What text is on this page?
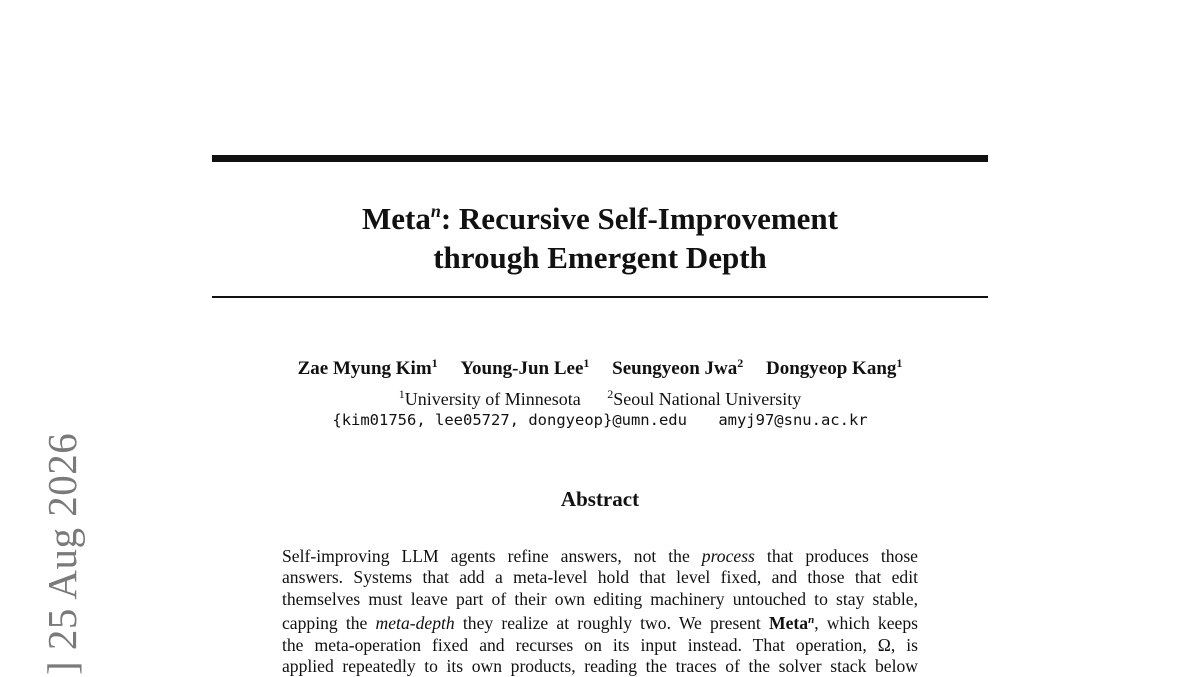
Meta$^n$: Recursive Self-Improvement
through Emergent Depth
Zae Myung Kim$^1$ Young-Jun Lee$^1$ Seungyeon Jwa$^2$ Dongyeop Kang$^1$
$^1$University of Minnesota $^2$Seoul National University
{kim01756, lee05727, dongyeop}@umn.edu amyj97@snu.ac.kr
Abstract
Self-improving LLM agents refine answers, not the process that produces those
answers. Systems that add a meta-level hold that level fixed, and those that edit
themselves must leave part of their own editing machinery untouched to stay stable,
capping the meta-depth they realize at roughly two. We present Meta$^n$, which keeps
the meta-operation fixed and recurses on its input instead. That operation, Ω, is
applied repeatedly to its own products, reading the traces of the solver stack below
] 25 Aug 2026
